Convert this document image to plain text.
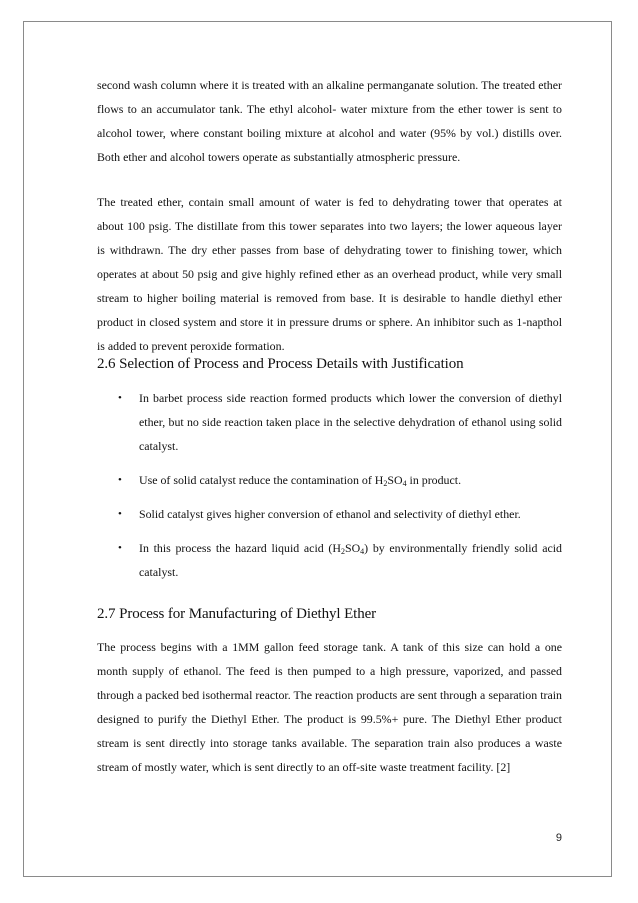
second wash column where it is treated with an alkaline permanganate solution. The treated ether flows to an accumulator tank. The ethyl alcohol- water mixture from the ether tower is sent to alcohol tower, where constant boiling mixture at alcohol and water (95% by vol.) distills over. Both ether and alcohol towers operate as substantially atmospheric pressure.

The treated ether, contain small amount of water is fed to dehydrating tower that operates at about 100 psig. The distillate from this tower separates into two layers; the lower aqueous layer is withdrawn. The dry ether passes from base of dehydrating tower to finishing tower, which operates at about 50 psig and give highly refined ether as an overhead product, while very small stream to higher boiling material is removed from base. It is desirable to handle diethyl ether product in closed system and store it in pressure drums or sphere. An inhibitor such as 1-napthol is added to prevent peroxide formation.

2.6 Selection of Process and Process Details with Justification
• In barbet process side reaction formed products which lower the conversion of diethyl ether, but no side reaction taken place in the selective dehydration of ethanol using solid catalyst.
• Use of solid catalyst reduce the contamination of $H_2SO_4$ in product.
• Solid catalyst gives higher conversion of ethanol and selectivity of diethyl ether.
• In this process the hazard liquid acid $(H_2SO_4)$ by environmentally friendly solid acid catalyst.
2.7 Process for Manufacturing of Diethyl Ether

The process begins with a 1MM gallon feed storage tank. A tank of this size can hold a one month supply of ethanol. The feed is then pumped to a high pressure, vaporized, and passed through a packed bed isothermal reactor. The reaction products are sent through a separation train designed to purify the Diethyl Ether. The product is 99.5%+ pure. The Diethyl Ether product stream is sent directly into storage tanks available. The separation train also produces a waste stream of mostly water, which is sent directly to an off-site waste treatment facility. [2]

9
